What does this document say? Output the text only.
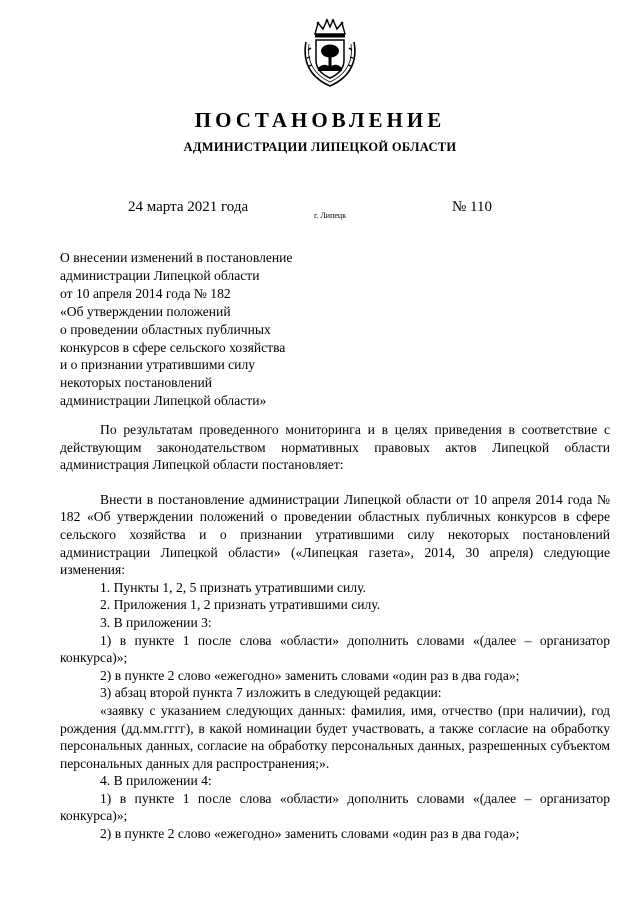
ПОСТАНОВЛЕНИЕ
АДМИНИСТРАЦИИ ЛИПЕЦКОЙ ОБЛАСТИ
24 марта 2021 года
г. Липецк
№ 110
О внесении изменений в постановление
администрации Липецкой области
от 10 апреля 2014 года № 182
«Об утверждении положений
о проведении областных публичных
конкурсов в сфере сельского хозяйства
и о признании утратившими силу
некоторых постановлений
администрации Липецкой области»
По результатам проведенного мониторинга и в целях приведения в соответствие с действующим законодательством нормативных правовых актов Липецкой области администрация Липецкой области постановляет:
Внести в постановление администрации Липецкой области от 10 апреля 2014 года № 182 «Об утверждении положений о проведении областных публичных конкурсов в сфере сельского хозяйства и о признании утратившими силу некоторых постановлений администрации Липецкой области» («Липецкая газета», 2014, 30 апреля) следующие изменения:
1. Пункты 1, 2, 5 признать утратившими силу.
2. Приложения 1, 2 признать утратившими силу.
3. В приложении 3:
1) в пункте 1 после слова «области» дополнить словами «(далее – организатор конкурса)»;
2) в пункте 2 слово «ежегодно» заменить словами «один раз в два года»;
3) абзац второй пункта 7 изложить в следующей редакции:
«заявку с указанием следующих данных: фамилия, имя, отчество (при наличии), год рождения (дд.мм.гггг), в какой номинации будет участвовать, а также согласие на обработку персональных данных, согласие на обработку персональных данных, разрешенных субъектом персональных данных для распространения;».
4. В приложении 4:
1) в пункте 1 после слова «области» дополнить словами «(далее – организатор конкурса)»;
2) в пункте 2 слово «ежегодно» заменить словами «один раз в два года»;
